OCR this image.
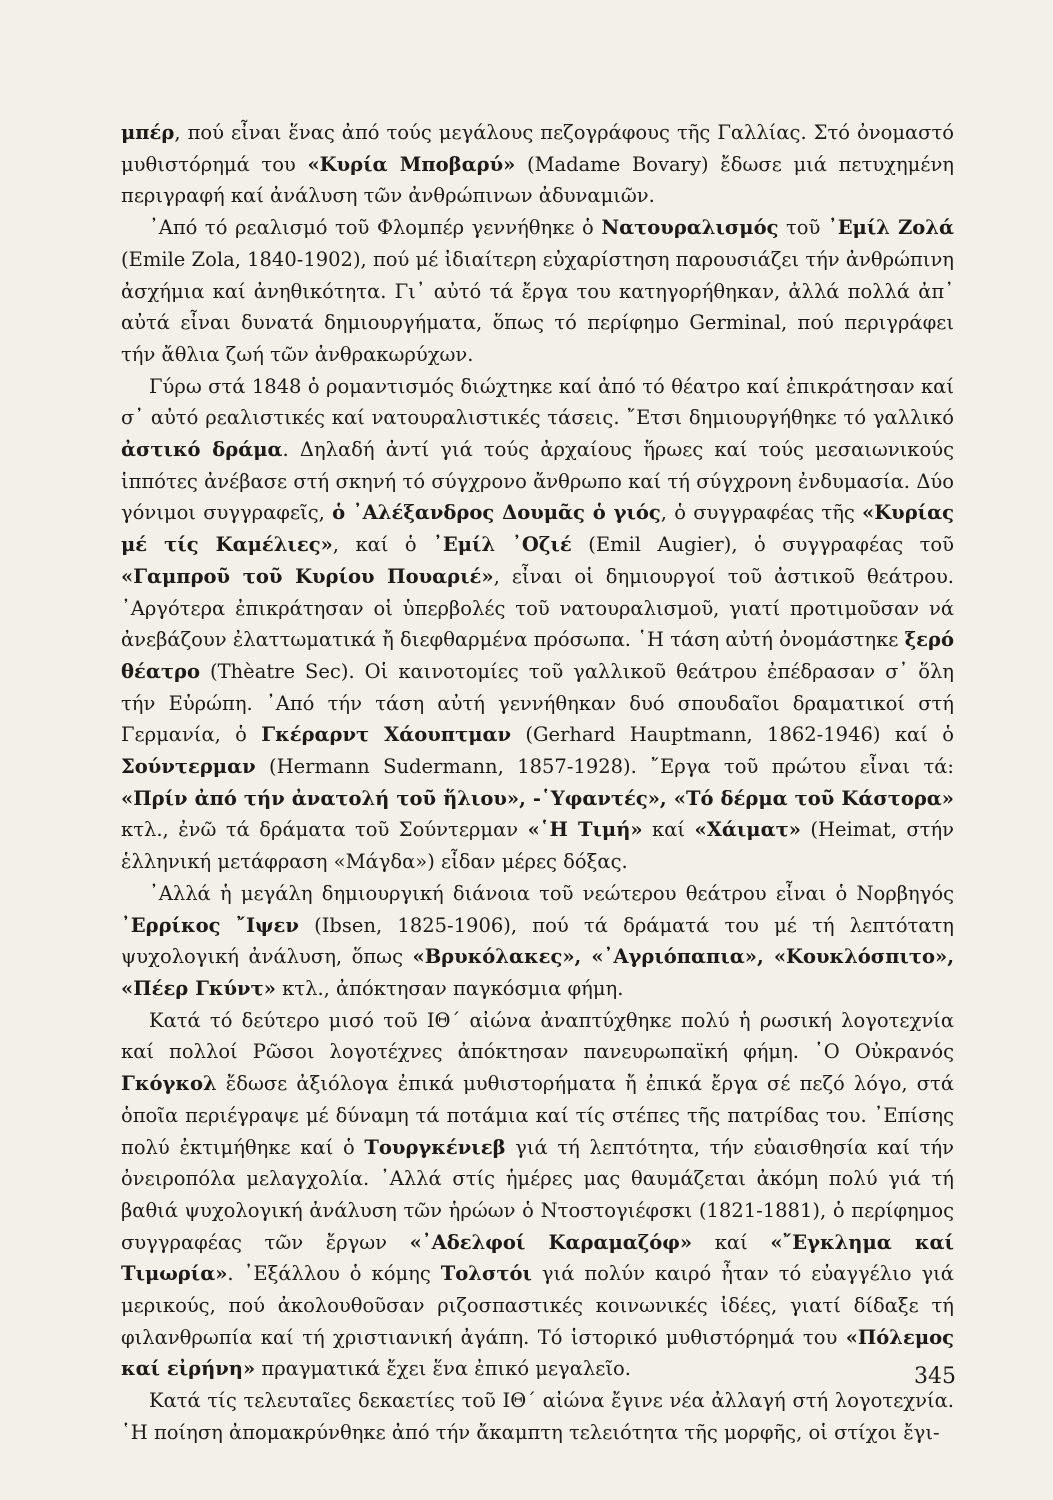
μπέρ, πού εἶναι ἕνας ἀπό τούς μεγάλους πεζογράφους τῆς Γαλλίας. Στό ὀνομαστό μυθιστόρημά του «Κυρία Μποβαρύ» (Madame Bovary) ἔδωσε μιά πετυχημένη περιγραφή καί ἀνάλυση τῶν ἀνθρώπινων ἀδυναμιῶν.

᾿Από τό ρεαλισμό τοῦ Φλομπέρ γεννήθηκε ὁ Νατουραλισμός τοῦ ᾿Εμίλ Ζολά (Emile Zola, 1840-1902), πού μέ ἰδιαίτερη εὐχαρίστηση παρουσιάζει τήν ἀνθρώπινη ἀσχήμια καί ἀνηθικότητα. Γι᾿ αὐτό τά ἔργα του κατηγορήθηκαν, ἀλλά πολλά ἀπ᾿ αὐτά εἶναι δυνατά δημιουργήματα, ὅπως τό περίφημο Germinal, πού περιγράφει τήν ἄθλια ζωή τῶν ἀνθρακωρύχων.

Γύρω στά 1848 ὁ ρομαντισμός διώχτηκε καί ἀπό τό θέατρο καί ἐπικράτησαν καί σ᾿ αὐτό ρεαλιστικές καί νατουραλιστικές τάσεις. ῎Ετσι δημιουργήθηκε τό γαλλικό ἀστικό δράμα. Δηλαδή ἀντί γιά τούς ἀρχαίους ἥρωες καί τούς μεσαιωνικούς ἱππότες ἀνέβασε στή σκηνή τό σύγχρονο ἄνθρωπο καί τή σύγχρονη ἐνδυμασία. Δύο γόνιμοι συγγραφεῖς, ὁ ᾿Αλέξανδρος Δουμᾶς ὁ γιός, ὁ συγγραφέας τῆς «Κυρίας μέ τίς Καμέλιες», καί ὁ ᾿Εμίλ ᾿Οζιέ (Emil Augier), ὁ συγγραφέας τοῦ «Γαμπροῦ τοῦ Κυρίου Πουαριέ», εἶναι οἱ δημιουργοί τοῦ ἀστικοῦ θεάτρου. ᾿Αργότερα ἐπικράτησαν οἱ ὑπερβολές τοῦ νατουραλισμοῦ, γιατί προτιμοῦσαν νά ἀνεβάζουν ἐλαττωματικά ἤ διεφθαρμένα πρόσωπα. ῾Η τάση αὐτή ὀνομάστηκε ξερό θέατρο (Thèatre Sec). Οἱ καινοτομίες τοῦ γαλλικοῦ θεάτρου ἐπέδρασαν σ᾿ ὅλη τήν Εὐρώπη. ᾿Από τήν τάση αὐτή γεννήθηκαν δυό σπουδαῖοι δραματικοί στή Γερμανία, ὁ Γκέραρντ Χάουπτμαν (Gerhard Hauptmann, 1862-1946) καί ὁ Σούντερμαν (Hermann Sudermann, 1857-1928). ῎Εργα τοῦ πρώτου εἶναι τά: «Πρίν ἀπό τήν ἀνατολή τοῦ ἥλιου», -῾Υφαντές», «Τό δέρμα τοῦ Κάστορα» κτλ., ἐνῶ τά δράματα τοῦ Σούντερμαν «῾Η Τιμή» καί «Χάιματ» (Heimat, στήν ἑλληνική μετάφραση «Μάγδα») εἶδαν μέρες δόξας.

᾿Αλλά ἡ μεγάλη δημιουργική διάνοια τοῦ νεώτερου θεάτρου εἶναι ὁ Νορβηγός ᾿Ερρίκος ῎Ιψεν (Ibsen, 1825-1906), πού τά δράματά του μέ τή λεπτότατη ψυχολογική ἀνάλυση, ὅπως «Βρυκόλακες», «᾿Αγριόπαπια», «Κουκλόσπιτο», «Πέερ Γκύντ» κτλ., ἀπόκτησαν παγκόσμια φήμη.

Κατά τό δεύτερο μισό τοῦ ΙΘ΄ αἰώνα ἀναπτύχθηκε πολύ ἡ ρωσική λογοτεχνία καί πολλοί Ρῶσοι λογοτέχνες ἀπόκτησαν πανευρωπαϊκή φήμη. ῾Ο Οὐκρανός Γκόγκολ ἔδωσε ἀξιόλογα ἐπικά μυθιστορήματα ἤ ἐπικά ἔργα σέ πεζό λόγο, στά ὁποῖα περιέγραψε μέ δύναμη τά ποτάμια καί τίς στέπες τῆς πατρίδας του. ᾿Επίσης πολύ ἐκτιμήθηκε καί ὁ Τουργκένιεβ γιά τή λεπτότητα, τήν εὐαισθησία καί τήν ὀνειροπόλα μελαγχολία. ᾿Αλλά στίς ἡμέρες μας θαυμάζεται ἀκόμη πολύ γιά τή βαθιά ψυχολογική ἀνάλυση τῶν ἡρώων ὁ Ντοστογιέφσκι (1821-1881), ὁ περίφημος συγγραφέας τῶν ἔργων «᾿Αδελφοί Καραμαζόφ» καί «῎Εγκλημα καί Τιμωρία». ᾿Εξάλλου ὁ κόμης Τολστόι γιά πολύν καιρό ἦταν τό εὐαγγέλιο γιά μερικούς, πού ἀκολουθοῦσαν ριζοσπαστικές κοινωνικές ἰδέες, γιατί δίδαξε τή φιλανθρωπία καί τή χριστιανική ἀγάπη. Τό ἱστορικό μυθιστόρημά του «Πόλεμος καί εἰρήνη» πραγματικά ἔχει ἕνα ἐπικό μεγαλεῖο.

Κατά τίς τελευταῖες δεκαετίες τοῦ ΙΘ΄ αἰώνα ἔγινε νέα ἀλλαγή στή λογοτεχνία. ῾Η ποίηση ἀπομακρύνθηκε ἀπό τήν ἄκαμπτη τελειότητα τῆς μορφῆς, οἱ στίχοι ἔγι-

345
